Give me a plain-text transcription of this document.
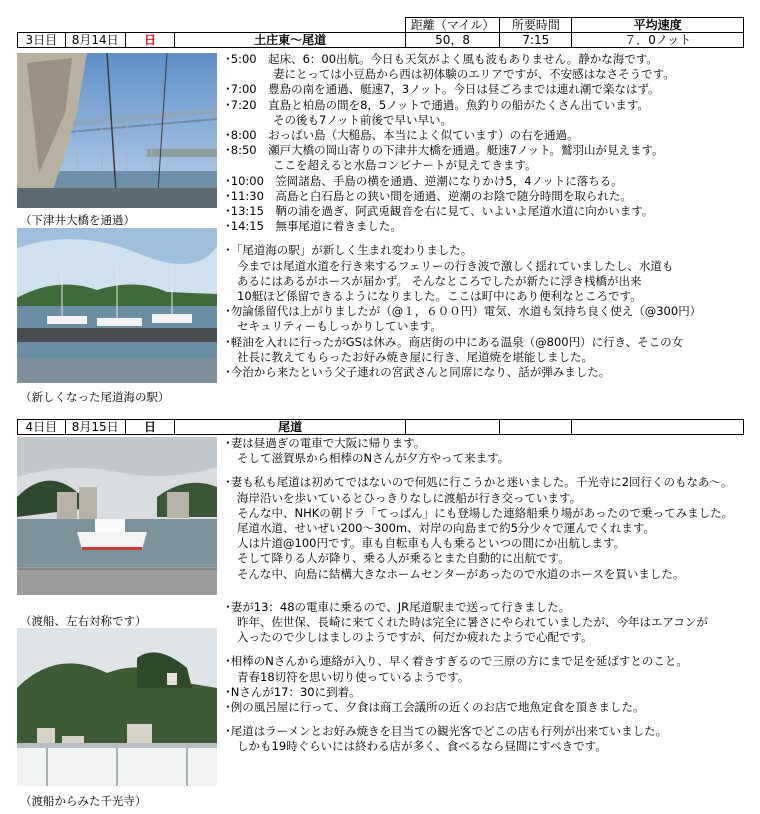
				距離（マイル）	所要時間	平均速度
3日目	8月14日	日	土庄東～尾道	50，8	7:15	７．0ノット
（下津井大橋を通過）
（新しくなった尾道海の駅）
･5:00　起床、6：00出航。今日も天気がよく風も波もありません。静かな海です。
妻にとっては小豆島から西は初体験のエリアですが、不安感はなさそうです。
･7:00　豊島の南を通過、艇速7，3ノット。今日は昼ごろまでは連れ潮で楽なはず。
･7:20　直島と柏島の間を8，5ノットで通過。魚釣りの船がたくさん出ています。
その後も7ノット前後で早い早い。
･8:00　おっぱい島（大槌島、本当によく似ています）の右を通過。
･8:50　瀬戸大橋の岡山寄りの下津井大橋を通過。艇速7ノット。鷲羽山が見えます。
ここを超えると水島コンビナートが見えてきます。
･10:00　笠岡諸島、手島の横を通過、逆潮になりかけ5，4ノットに落ちる。
･11:30　高島と白石島との狭い間を通過、逆潮のお陰で随分時間を取られた。
･13:15　鞆の浦を過ぎ、阿武兎観音を右に見て、いよいよ尾道水道に向かいます。
･14:15　無事尾道に着きました。
･「尾道海の駅」が新しく生まれ変わりました。
今までは尾道水道を行き来するフェリーの行き波で激しく揺れていましたし、水道も
あるにはあるがホースが届かず。 そんなところでしたが新たに浮き桟橋が出来
10艇ほど係留できるようになりました。ここは町中にあり便利なところです。
･勿論係留代は上がりましたが（@１，６００円）電気、水道も気持ち良く使え（@300円）
セキュリティーもしっかりしています。
･軽油を入れに行ったがGSは休み。商店街の中にある温泉（@800円）に行き、そこの女
社長に教えてもらったお好み焼き屋に行き、尾道焼を堪能しました。
･今治から来たという父子連れの宮武さんと同席になり、話が弾みました。
4日目	8月15日	日	尾道			
（渡船、左右対称です）
（渡船からみた千光寺）
･妻は昼過ぎの電車で大阪に帰ります。
そして滋賀県から相棒のNさんが夕方やって来ます。
･妻も私も尾道は初めてではないので何処に行こうかと迷いました。千光寺に2回行くのもなあ～。
海岸沿いを歩いているとひっきりなしに渡船が行き交っています。
そんな中、NHKの朝ドラ「てっぱん」にも登場した連絡船乗り場があったので乗ってみました。
尾道水道、せいぜい200～300m、対岸の向島まで約5分少々で運んでくれます。
人は片道@100円です。車も自転車も人も乗るといつの間にか出航します。
そして降りる人が降り、乗る人が乗るとまた自動的に出航です。
そんな中、向島に結構大きなホームセンターがあったので水道のホースを買いました。
･妻が13：48の電車に乗るので、JR尾道駅まで送って行きました。
昨年、佐世保、長崎に来てくれた時は完全に暑さにやられていましたが、今年はエアコンが
入ったので少しはましのようですが、何だか疲れたようで心配です。
･相棒のNさんから連絡が入り、早く着きすぎるので三原の方にまで足を延ばすとのこと。
青春18切符を思い切り使っているようです。
･Nさんが17：30に到着。
･例の風呂屋に行って、夕食は商工会議所の近くのお店で地魚定食を頂きました。
･尾道はラーメンとお好み焼きを目当ての観光客でどこの店も行列が出来ていました。
しかも19時ぐらいには終わる店が多く、食べるなら昼間にすべきです。
